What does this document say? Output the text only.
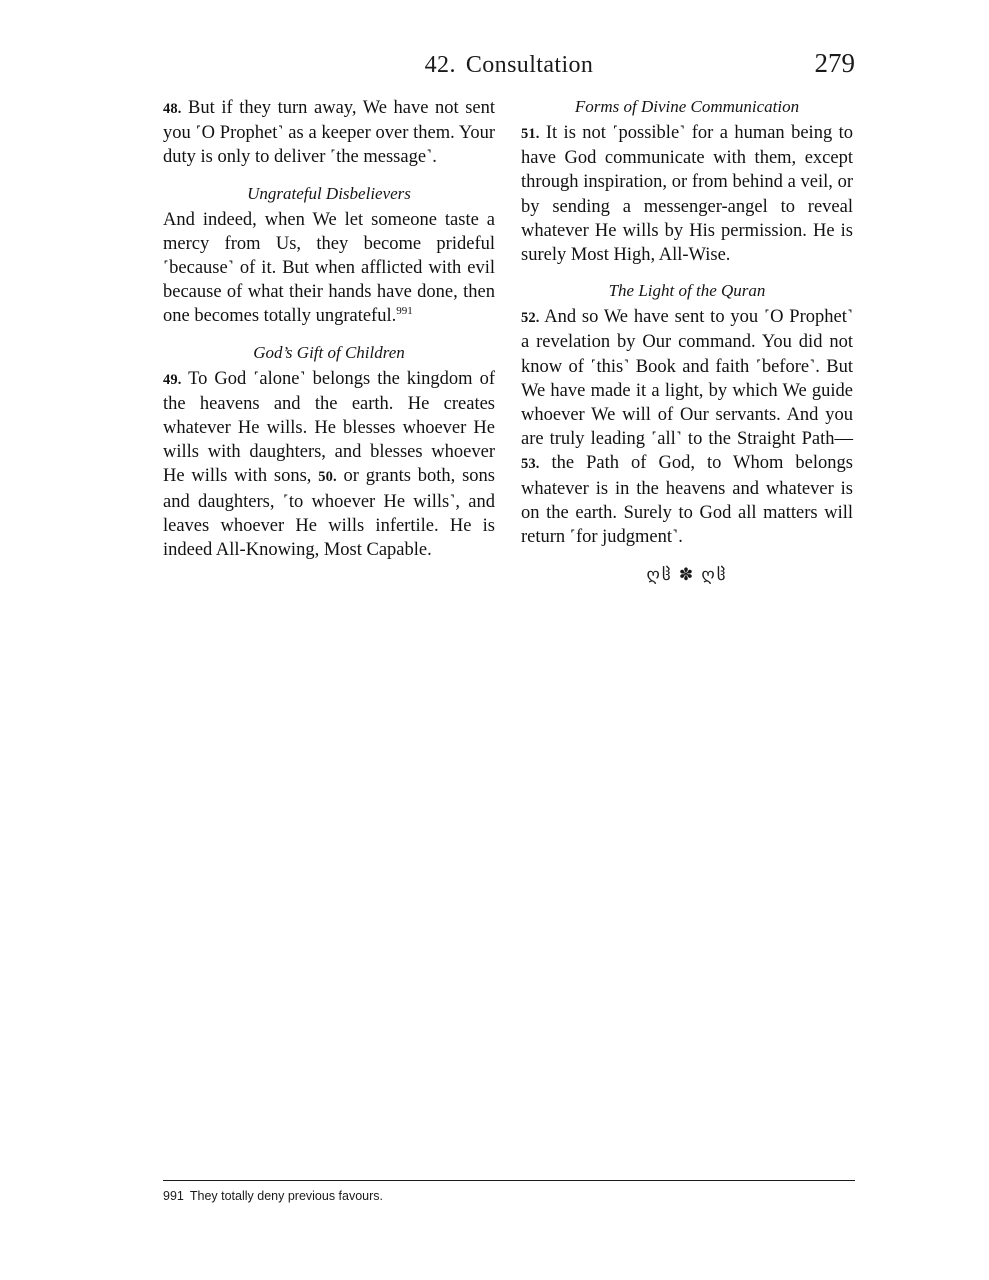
42. Consultation	279

48 . But if they turn away, We have not sent you ˹O Prophet˺ as a keeper over them. Your duty is only to deliver ˹the message˺.

Ungrateful Disbelievers

And indeed, when We let someone taste a mercy from Us, they become prideful ˹because˺ of it. But when afflicted with evil because of what their hands have done, then one becomes totally ungrateful.$^{991}$

God’s Gift of Children

49 . To God ˹alone˺ belongs the kingdom of the heavens and the earth. He creates whatever He wills. He blesses whoever He wills with daughters, and blesses whoever He wills with sons, 50 . or grants both, sons and daughters, ˹to whoever He wills˺, and leaves whoever He wills infertile. He is indeed All-Knowing, Most Capable.

Forms of Divine Communication

51 . It is not ˹possible˺ for a human being to have God communicate with them, except through inspiration, or from behind a veil, or by sending a messenger-angel to reveal whatever He wills by His permission. He is surely Most High, All-Wise.

The Light of the Quran

52 . And so We have sent to you ˹O Prophet˺ a revelation by Our command. You did not know of ˹this˺ Book and faith ˹before˺. But We have made it a light, by which We guide whoever We will of Our servants. And you are truly leading ˹all˺ to the Straight Path— 53 . the Path of God, to Whom belongs whatever is in the heavens and whatever is on the earth. Surely to God all matters will return ˹for judgment˺.

ღჱ ✽ ღჱ
991 They totally deny previous favours.
